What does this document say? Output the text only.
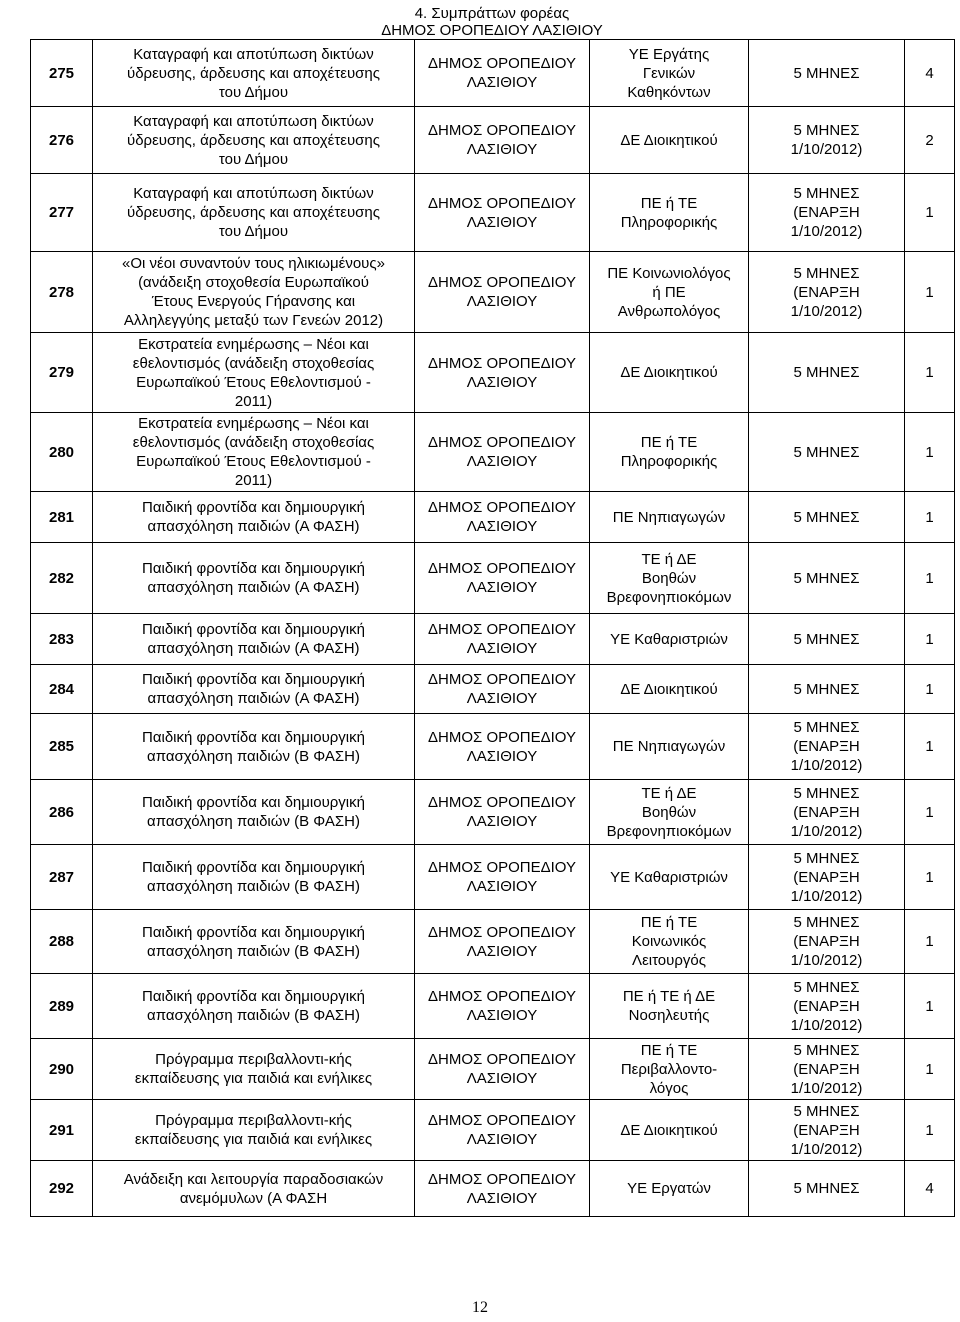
4. Συμπράττων φορέας
ΔΗΜΟΣ ΟΡΟΠΕΔΙΟΥ ΛΑΣΙΘΙΟΥ
275	Καταγραφή και αποτύπωση δικτύων
ύδρευσης, άρδευσης και αποχέτευσης
του Δήμου	ΔΗΜΟΣ ΟΡΟΠΕΔΙΟΥ
ΛΑΣΙΘΙΟΥ	ΥΕ Εργάτης
Γενικών
Καθηκόντων	5 ΜΗΝΕΣ	4
276	Καταγραφή και αποτύπωση δικτύων
ύδρευσης, άρδευσης και αποχέτευσης
του Δήμου	ΔΗΜΟΣ ΟΡΟΠΕΔΙΟΥ
ΛΑΣΙΘΙΟΥ	ΔΕ Διοικητικού	5 ΜΗΝΕΣ
1/10/2012)	2
277	Καταγραφή και αποτύπωση δικτύων
ύδρευσης, άρδευσης και αποχέτευσης
του Δήμου	ΔΗΜΟΣ ΟΡΟΠΕΔΙΟΥ
ΛΑΣΙΘΙΟΥ	ΠΕ ή ΤΕ
Πληροφορικής	5 ΜΗΝΕΣ
(ΕΝΑΡΞΗ
1/10/2012)	1
278	«Οι νέοι συναντούν τους ηλικιωμένους»
(ανάδειξη στοχοθεσία Ευρωπαϊκού
Έτους Ενεργούς Γήρανσης και
Αλληλεγγύης μεταξύ των Γενεών 2012)	ΔΗΜΟΣ ΟΡΟΠΕΔΙΟΥ
ΛΑΣΙΘΙΟΥ	ΠΕ Κοινωνιολόγος
ή ΠΕ
Ανθρωπολόγος	5 ΜΗΝΕΣ
(ΕΝΑΡΞΗ
1/10/2012)	1
279	Εκστρατεία ενημέρωσης – Νέοι και
εθελοντισμός (ανάδειξη στοχοθεσίας
Ευρωπαϊκού Έτους Εθελοντισμού -
2011)	ΔΗΜΟΣ ΟΡΟΠΕΔΙΟΥ
ΛΑΣΙΘΙΟΥ	ΔΕ Διοικητικού	5 ΜΗΝΕΣ	1
280	Εκστρατεία ενημέρωσης – Νέοι και
εθελοντισμός (ανάδειξη στοχοθεσίας
Ευρωπαϊκού Έτους Εθελοντισμού -
2011)	ΔΗΜΟΣ ΟΡΟΠΕΔΙΟΥ
ΛΑΣΙΘΙΟΥ	ΠΕ ή ΤΕ
Πληροφορικής	5 ΜΗΝΕΣ	1
281	Παιδική φροντίδα και δημιουργική
απασχόληση παιδιών (Α ΦΑΣΗ)	ΔΗΜΟΣ ΟΡΟΠΕΔΙΟΥ
ΛΑΣΙΘΙΟΥ	ΠΕ Νηπιαγωγών	5 ΜΗΝΕΣ	1
282	Παιδική φροντίδα και δημιουργική
απασχόληση παιδιών (Α ΦΑΣΗ)	ΔΗΜΟΣ ΟΡΟΠΕΔΙΟΥ
ΛΑΣΙΘΙΟΥ	ΤΕ ή ΔΕ
Βοηθών
Βρεφονηπιοκόμων	5 ΜΗΝΕΣ	1
283	Παιδική φροντίδα και δημιουργική
απασχόληση παιδιών (Α ΦΑΣΗ)	ΔΗΜΟΣ ΟΡΟΠΕΔΙΟΥ
ΛΑΣΙΘΙΟΥ	ΥΕ Καθαριστριών	5 ΜΗΝΕΣ	1
284	Παιδική φροντίδα και δημιουργική
απασχόληση παιδιών (Α ΦΑΣΗ)	ΔΗΜΟΣ ΟΡΟΠΕΔΙΟΥ
ΛΑΣΙΘΙΟΥ	ΔΕ Διοικητικού	5 ΜΗΝΕΣ	1
285	Παιδική φροντίδα και δημιουργική
απασχόληση παιδιών (Β ΦΑΣΗ)	ΔΗΜΟΣ ΟΡΟΠΕΔΙΟΥ
ΛΑΣΙΘΙΟΥ	ΠΕ Νηπιαγωγών	5 ΜΗΝΕΣ
(ΕΝΑΡΞΗ
1/10/2012)	1
286	Παιδική φροντίδα και δημιουργική
απασχόληση παιδιών (Β ΦΑΣΗ)	ΔΗΜΟΣ ΟΡΟΠΕΔΙΟΥ
ΛΑΣΙΘΙΟΥ	ΤΕ ή ΔΕ
Βοηθών
Βρεφονηπιοκόμων	5 ΜΗΝΕΣ
(ΕΝΑΡΞΗ
1/10/2012)	1
287	Παιδική φροντίδα και δημιουργική
απασχόληση παιδιών (Β ΦΑΣΗ)	ΔΗΜΟΣ ΟΡΟΠΕΔΙΟΥ
ΛΑΣΙΘΙΟΥ	ΥΕ Καθαριστριών	5 ΜΗΝΕΣ
(ΕΝΑΡΞΗ
1/10/2012)	1
288	Παιδική φροντίδα και δημιουργική
απασχόληση παιδιών (Β ΦΑΣΗ)	ΔΗΜΟΣ ΟΡΟΠΕΔΙΟΥ
ΛΑΣΙΘΙΟΥ	ΠΕ ή ΤΕ
Κοινωνικός
Λειτουργός	5 ΜΗΝΕΣ
(ΕΝΑΡΞΗ
1/10/2012)	1
289	Παιδική φροντίδα και δημιουργική
απασχόληση παιδιών (Β ΦΑΣΗ)	ΔΗΜΟΣ ΟΡΟΠΕΔΙΟΥ
ΛΑΣΙΘΙΟΥ	ΠΕ ή ΤΕ ή ΔΕ
Νοσηλευτής	5 ΜΗΝΕΣ
(ΕΝΑΡΞΗ
1/10/2012)	1
290	Πρόγραμμα περιβαλλοντι-κής
εκπαίδευσης για παιδιά και ενήλικες	ΔΗΜΟΣ ΟΡΟΠΕΔΙΟΥ
ΛΑΣΙΘΙΟΥ	ΠΕ ή ΤΕ
Περιβαλλοντο-
λόγος	5 ΜΗΝΕΣ
(ΕΝΑΡΞΗ
1/10/2012)	1
291	Πρόγραμμα περιβαλλοντι-κής
εκπαίδευσης για παιδιά και ενήλικες	ΔΗΜΟΣ ΟΡΟΠΕΔΙΟΥ
ΛΑΣΙΘΙΟΥ	ΔΕ Διοικητικού	5 ΜΗΝΕΣ
(ΕΝΑΡΞΗ
1/10/2012)	1
292	Ανάδειξη και λειτουργία παραδοσιακών
ανεμόμυλων (Α ΦΑΣΗ	ΔΗΜΟΣ ΟΡΟΠΕΔΙΟΥ
ΛΑΣΙΘΙΟΥ	ΥΕ Εργατών	5 ΜΗΝΕΣ	4
12
